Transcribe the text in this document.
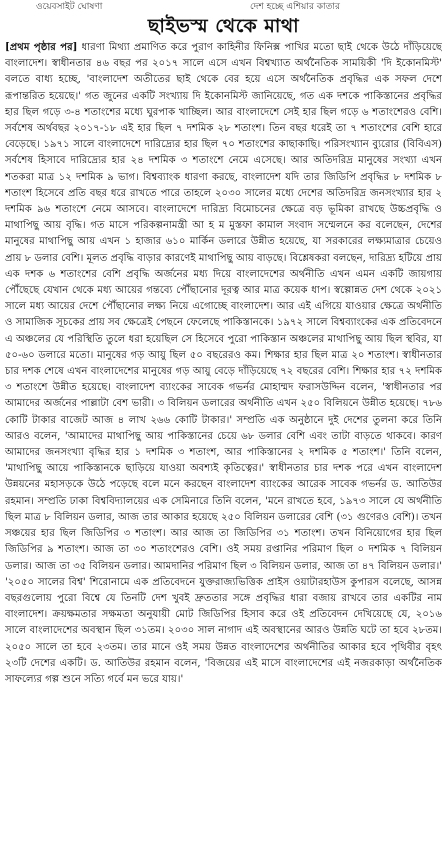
ওয়েবসাইট ঘোষণা	দেশ হচ্ছে এশিয়ার কাতার
ছাইভস্ম থেকে মাথা

[প্রথম পৃষ্ঠার পর] ধারণা মিথ্যা প্রমাণিত করে পুরাণ কাহিনীর ফিনিক্স পাখির মতো ছাই থেকে উঠে দাঁড়িয়েছে বাংলাদেশ। স্বাধীনতার ৪৬ বছর পর ২০১৭ সালে এসে এখন বিশ্বখ্যাত অর্থনৈতিক সাময়িকী 'দি ইকোনমিস্ট' বলতে বাধ্য হচ্ছে, 'বাংলাদেশ অতীতের ছাই থেকে বের হয়ে এসে অর্থনৈতিক প্রবৃদ্ধির এক সফল দেশে রূপান্তরিত হয়েছে।' গত জুনের একটি সংখ্যায় দি ইকোনমিস্ট জানিয়েছে, গত এক দশকে পাকিস্তানের প্রবৃদ্ধির হার ছিল গড়ে ৩-৪ শতাংশের মধ্যে ঘুরপাক খাচ্ছিল। আর বাংলাদেশে সেই হার ছিল গড়ে ৬ শতাংশেরও বেশি। সর্বশেষ অর্থবছর ২০১৭-১৮ এই হার ছিল ৭ দশমিক ২৮ শতাংশ। তিন বছর ধরেই তা ৭ শতাংশের বেশি হারে বেড়েছে। ১৯৭১ সালে বাংলাদেশে দারিদ্র্যের হার ছিল ৭০ শতাংশের কাছাকাছি। পরিসংখ্যান ব্যুরোর (বিবিএস) সর্বশেষ হিসাবে দারিদ্র্যের হার ২৪ দশমিক ৩ শতাংশে নেমে এসেছে। আর অতিদরিদ্র মানুষের সংখ্যা এখন শতকরা মাত্র ১২ দশমিক ৯ ভাগ। বিশ্বব্যাংক ধারণা করছে, বাংলাদেশ যদি তার জিডিপি প্রবৃদ্ধির ৮ দশমিক ৮ শতাংশ হিসেবে প্রতি বছর ধরে রাখতে পারে তাহলে ২০৩০ সালের মধ্যে দেশের অতিদরিদ্র জনসংখ্যার হার ২ দশমিক ৯৬ শতাংশে নেমে আসবে। বাংলাদেশে দারিদ্র্য বিমোচনের ক্ষেত্রে বড় ভূমিকা রাখছে উচ্চপ্রবৃদ্ধি ও মাথাপিছু আয় বৃদ্ধি। গত মাসে পরিকল্পনামন্ত্রী আ হ ম মুস্তফা কামাল সংবাদ সম্মেলনে কর বলেছেন, দেশের মানুষের মাথাপিছু আয় এখন ১ হাজার ৬১০ মার্কিন ডলারে উন্নীত হয়েছে, যা সরকারের লক্ষ্যমাত্রার চেয়েও প্রায় ৮ ডলার বেশি। মূলত প্রবৃদ্ধি বাড়ার কারণেই মাথাপিছু আয় বাড়ছে। বিশ্লেষকরা বলছেন, দারিদ্র্য হটিয়ে প্রায় এক দশক ৬ শতাংশের বেশি প্রবৃদ্ধি অর্জনের মধ্য দিয়ে বাংলাদেশের অর্থনীতি এখন এমন একটি জায়গায় পৌঁছেছে যেখান থেকে মধ্য আয়ের গন্তব্যে পৌঁছানোর দূরত্ব আর মাত্র কয়েক ধাপ। স্বল্পোন্নত দেশ থেকে ২০২১ সালে মধ্য আয়ের দেশে পৌঁছানোর লক্ষ্য নিয়ে এগোচ্ছে বাংলাদেশ। আর এই এগিয়ে যাওয়ার ক্ষেত্রে অর্থনীতি ও সামাজিক সূচকের প্রায় সব ক্ষেত্রেই পেছনে ফেলেছে পাকিস্তানকে। ১৯৭২ সালে বিশ্বব্যাংকের এক প্রতিবেদনে এ অঞ্চলের যে পরিস্থিতি তুলে ধরা হয়েছিল সে হিসেবে পুরো পাকিস্তান অঞ্চলের মাথাপিছু আয় ছিল স্থবির, যা ৫০-৬০ ডলারে মতো। মানুষের গড় আয়ু ছিল ৫০ বছরেরও কম। শিক্ষার হার ছিল মাত্র ২০ শতাংশ। স্বাধীনতার চার দশক শেষে এখন বাংলাদেশের মানুষের গড় আয়ু বেড়ে দাঁড়িয়েছে ৭২ বছরের বেশি। শিক্ষার হার ৭২ দশমিক ৩ শতাংশে উন্নীত হয়েছে। বাংলাদেশ ব্যাংকের সাবেক গভর্নর মোহাম্মদ ফরাসউদ্দিন বলেন, 'স্বাধীনতার পর আমাদের অর্জনের পাল্লাটা বেশ ভারী। ৩ বিলিয়ন ডলারের অর্থনীতি এখন ২৫০ বিলিয়নে উন্নীত হয়েছে। ৭৮৬ কোটি টাকার বাজেট আজ ৪ লাখ ২৬৬ কোটি টাকার।' সম্প্রতি এক অনুষ্ঠানে দুই দেশের তুলনা করে তিনি আরও বলেন, 'আমাদের মাথাপিছু আয় পাকিস্তানের চেয়ে ৬৮ ডলার বেশি এবং তাটা বাড়তে থাকবে। কারণ আমাদের জনসংখ্যা বৃদ্ধির হার ১ দশমিক ৩ শতাংশ, আর পাকিস্তানের ২ দশমিক ৫ শতাংশ।' তিনি বলেন, 'মাথাপিছু আয়ে পাকিস্তানকে ছাড়িয়ে যাওয়া অবশ্যই কৃতিত্বের।' স্বাধীনতার চার দশক পরে এখন বাংলাদেশ উন্নয়নের মহাসড়কে উঠে পড়েছে বলে মনে করছেন বাংলাদেশ ব্যাংকের আরেক সাবেক গভর্নর ড. আতিউর রহমান। সম্প্রতি ঢাকা বিশ্ববিদ্যালয়ের এক সেমিনারে তিনি বলেন, 'মনে রাখতে হবে, ১৯৭৩ সালে যে অর্থনীতি ছিল মাত্র ৮ বিলিয়ন ডলার, আজ তার আকার হয়েছে ২৫০ বিলিয়ন ডলারের বেশি (৩১ গুণেরও বেশি)। তখন সঞ্চয়ের হার ছিল জিডিপির ৩ শতাংশ। আর আজ তা জিডিপির ৩১ শতাংশ। তখন বিনিয়োগের হার ছিল জিডিপির ৯ শতাংশ। আজ তা ৩০ শতাংশেরও বেশি। ওই সময় রপ্তানির পরিমাণ ছিল ০ দশমিক ৭ বিলিয়ন ডলার। আজ তা ৩৫ বিলিয়ন ডলার। আমদানির পরিমাণ ছিল ৩ বিলিয়ন ডলার, আজ তা ৪৭ বিলিয়ন ডলার।' '২০৫০ সালের বিশ্ব' শিরোনামে এক প্রতিবেদনে যুক্তরাজ্যভিত্তিক প্রাইস ওয়াটারহাউস কুপারস বলেছে, আসন্ন বছরগুলোয় পুরো বিশ্বে যে তিনটি দেশ খুবই দ্রুততার সঙ্গে প্রবৃদ্ধির ধারা বজায় রাখবে তার একটির নাম বাংলাদেশ। ক্রয়ক্ষমতার সক্ষমতা অনুযায়ী মোট জিডিপির হিসাব করে ওই প্রতিবেদন দেখিয়েছে যে, ২০১৬ সালে বাংলাদেশের অবস্থান ছিল ৩১তম। ২০৩০ সাল নাগাদ এই অবস্থানের আরও উন্নতি ঘটে তা হবে ২৮তম। ২০৫০ সালে তা হবে ২৩তম। তার মানে ওই সময় উন্নত বাংলাদেশের অর্থনীতির আকার হবে পৃথিবীর বৃহৎ ২৩টি দেশের একটি। ড. আতিউর রহমান বলেন, 'বিজয়ের এই মাসে বাংলাদেশের এই নজরকাড়া অর্থনৈতিক সাফল্যের গল্প শুনে সত্যি গর্বে মন ভরে যায়।'
